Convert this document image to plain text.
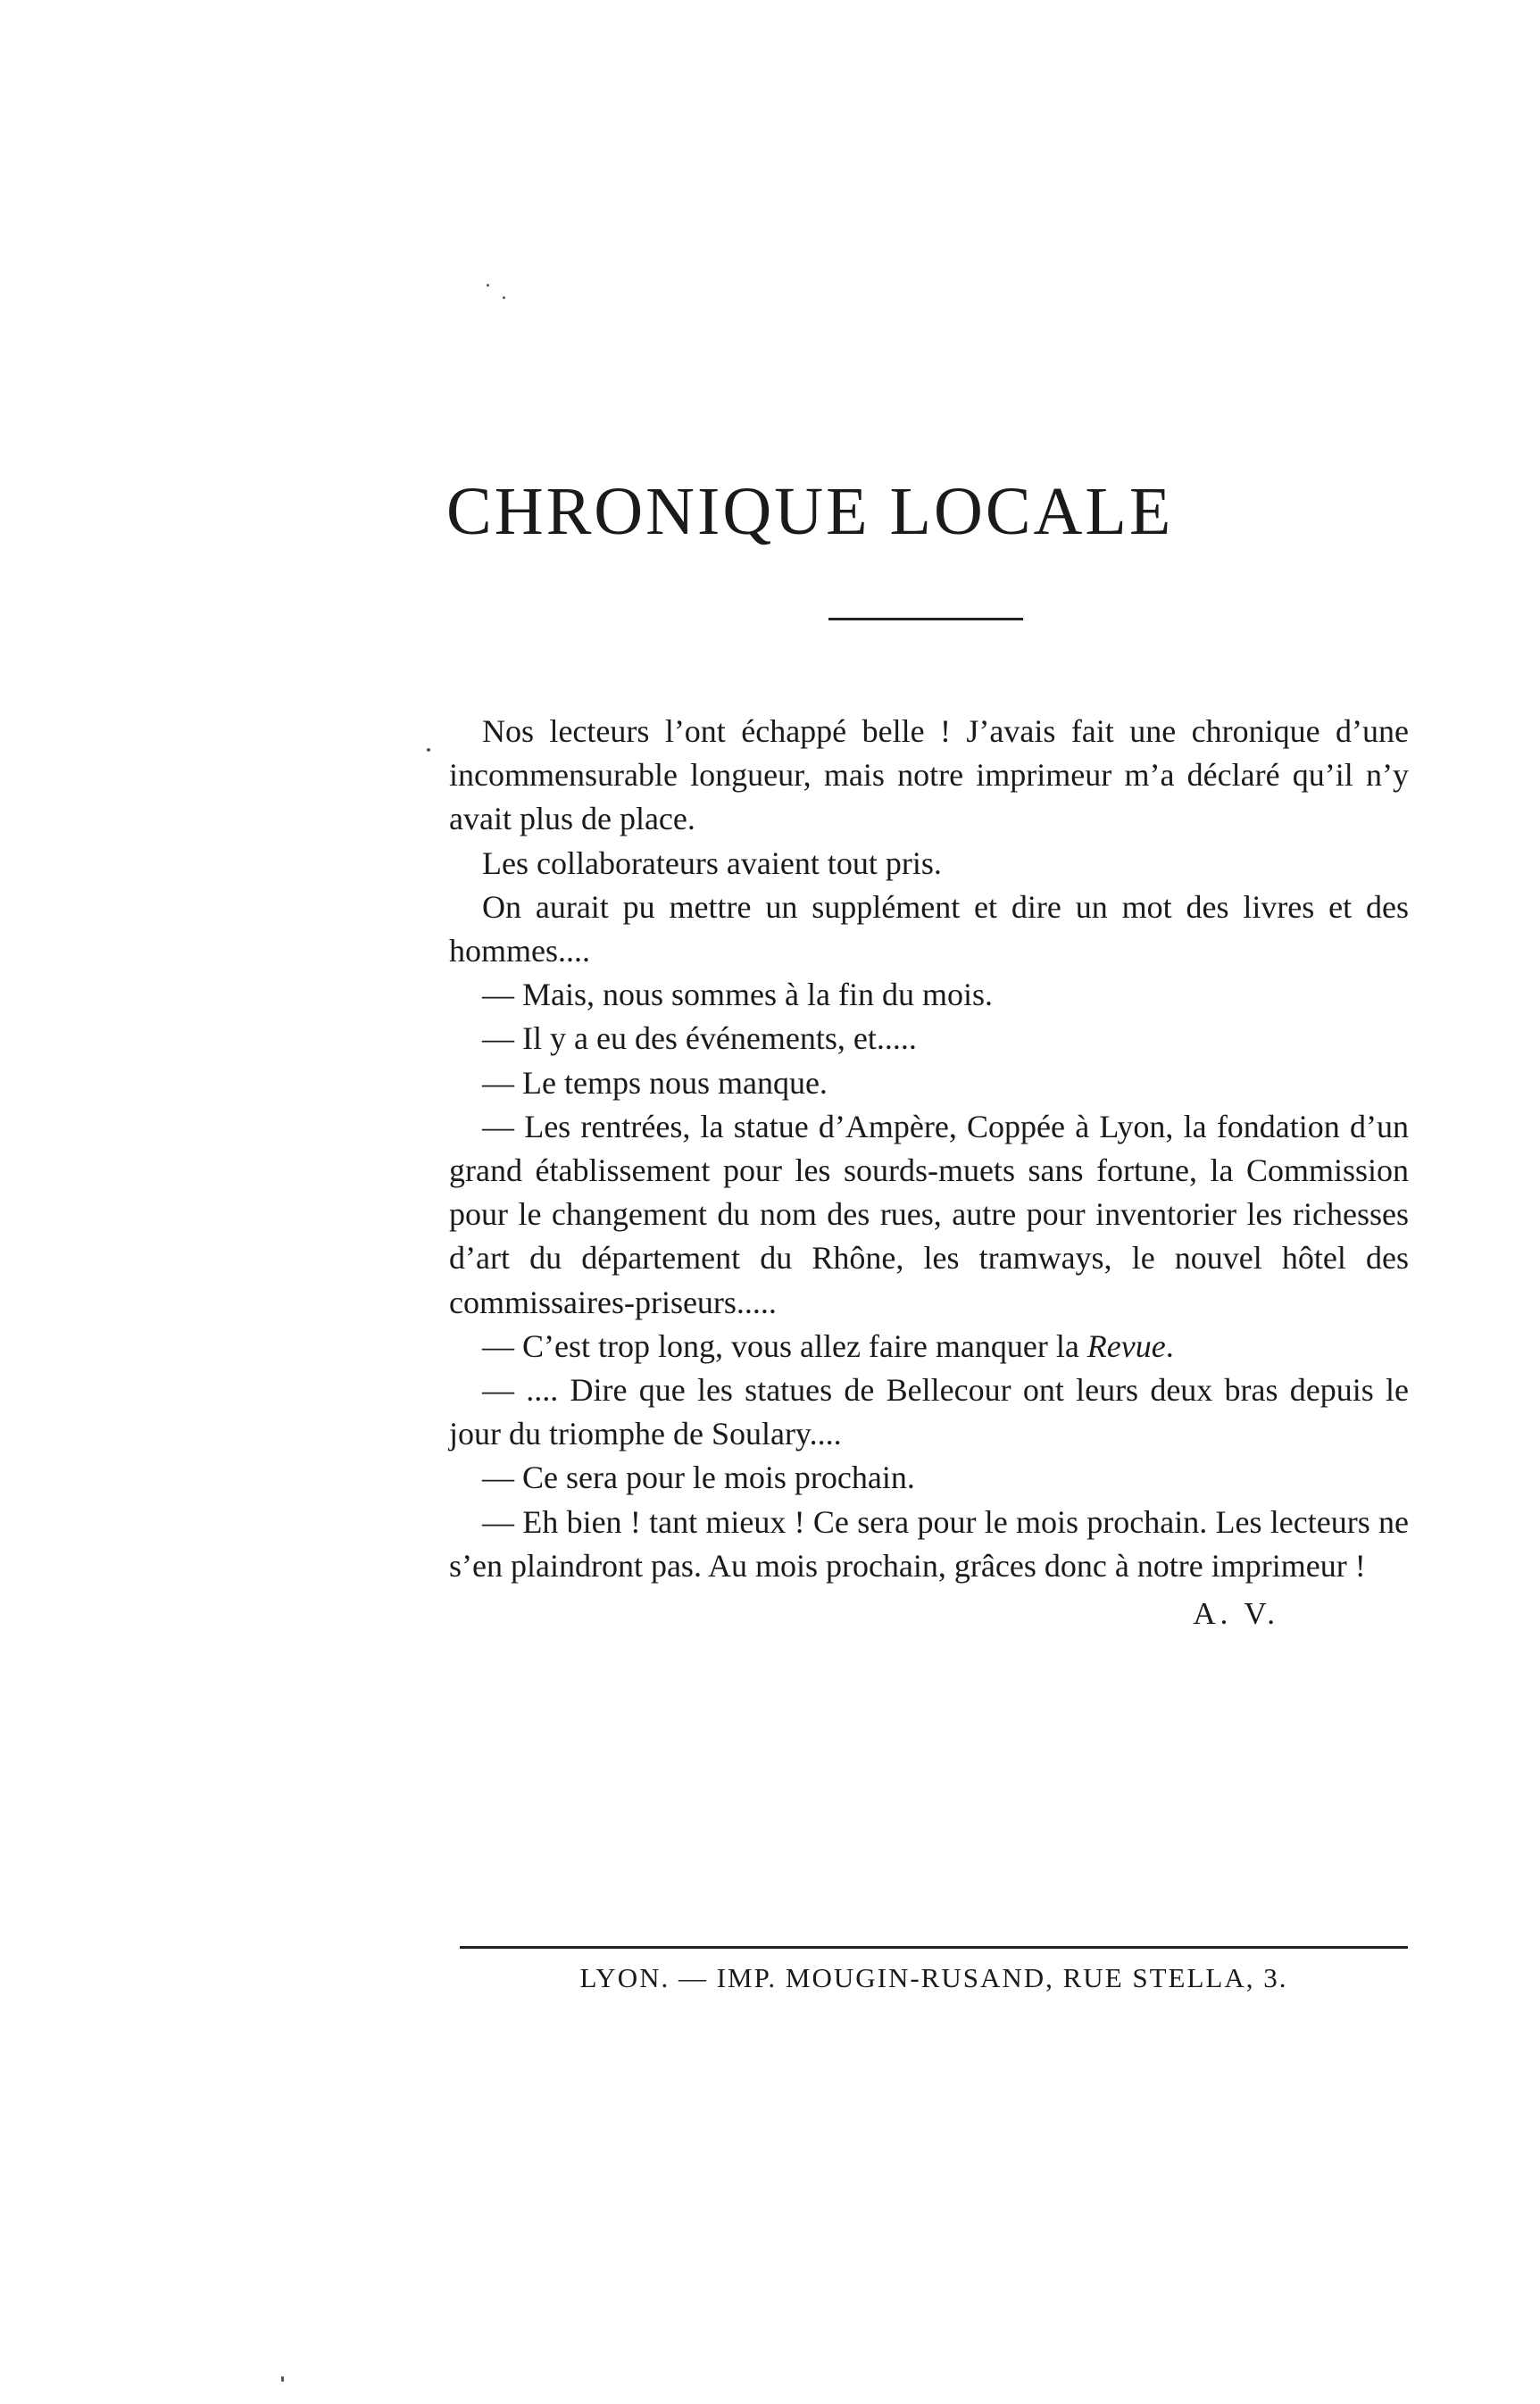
CHRONIQUE LOCALE

Nos lecteurs l’ont échappé belle ! J’avais fait une chronique d’une incommensurable longueur, mais notre imprimeur m’a déclaré qu’il n’y avait plus de place.

Les collaborateurs avaient tout pris.

On aurait pu mettre un supplément et dire un mot des livres et des hommes....

— Mais, nous sommes à la fin du mois.

— Il y a eu des événements, et.....

— Le temps nous manque.

— Les rentrées, la statue d’Ampère, Coppée à Lyon, la fondation d’un grand établissement pour les sourds-muets sans fortune, la Commission pour le changement du nom des rues, autre pour inventorier les richesses d’art du département du Rhône, les tramways, le nouvel hôtel des commissaires-priseurs.....

— C’est trop long, vous allez faire manquer la Revue.

— .... Dire que les statues de Bellecour ont leurs deux bras depuis le jour du triomphe de Soulary....

— Ce sera pour le mois prochain.

— Eh bien ! tant mieux ! Ce sera pour le mois prochain. Les lecteurs ne s’en plaindront pas. Au mois prochain, grâces donc à notre imprimeur !

A. V.
LYON. — IMP. MOUGIN-RUSAND, RUE STELLA, 3.
